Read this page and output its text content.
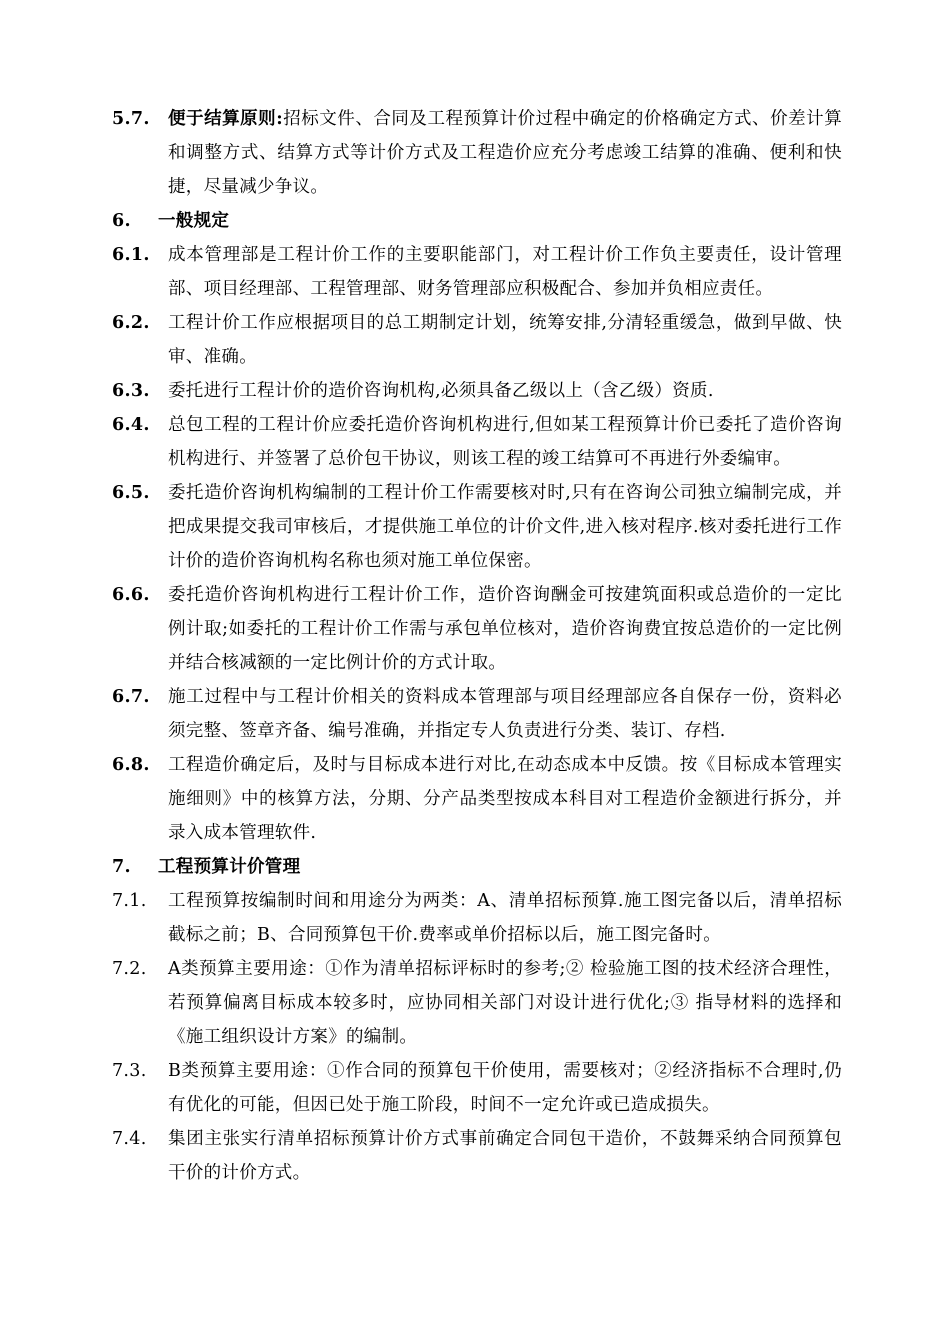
5.7.	便于结算原则:招标文件、合同及工程预算计价过程中确定的价格确定方式、价差计算和调整方式、结算方式等计价方式及工程造价应充分考虑竣工结算的准确、便利和快捷，尽量减少争议。
6.	一般规定
6.1.	成本管理部是工程计价工作的主要职能部门，对工程计价工作负主要责任，设计管理部、项目经理部、工程管理部、财务管理部应积极配合、参加并负相应责任。
6.2.	工程计价工作应根据项目的总工期制定计划，统筹安排,分清轻重缓急，做到早做、快审、准确。
6.3.	委托进行工程计价的造价咨询机构,必须具备乙级以上（含乙级）资质.
6.4.	总包工程的工程计价应委托造价咨询机构进行,但如某工程预算计价已委托了造价咨询机构进行、并签署了总价包干协议，则该工程的竣工结算可不再进行外委编审。
6.5.	委托造价咨询机构编制的工程计价工作需要核对时,只有在咨询公司独立编制完成，并把成果提交我司审核后，才提供施工单位的计价文件,进入核对程序.核对委托进行工作计价的造价咨询机构名称也须对施工单位保密。
6.6.	委托造价咨询机构进行工程计价工作，造价咨询酬金可按建筑面积或总造价的一定比例计取;如委托的工程计价工作需与承包单位核对，造价咨询费宜按总造价的一定比例并结合核减额的一定比例计价的方式计取。
6.7.	施工过程中与工程计价相关的资料成本管理部与项目经理部应各自保存一份，资料必须完整、签章齐备、编号准确，并指定专人负责进行分类、装订、存档.
6.8.	工程造价确定后，及时与目标成本进行对比,在动态成本中反馈。按《目标成本管理实施细则》中的核算方法，分期、分产品类型按成本科目对工程造价金额进行拆分，并录入成本管理软件.
7.	工程预算计价管理
7.1.	工程预算按编制时间和用途分为两类：A、清单招标预算.施工图完备以后，清单招标截标之前；B、合同预算包干价.费率或单价招标以后，施工图完备时。
7.2.	A类预算主要用途：①作为清单招标评标时的参考;② 检验施工图的技术经济合理性，若预算偏离目标成本较多时，应协同相关部门对设计进行优化;③ 指导材料的选择和《施工组织设计方案》的编制。
7.3.	B类预算主要用途：①作合同的预算包干价使用，需要核对；②经济指标不合理时,仍有优化的可能，但因已处于施工阶段，时间不一定允许或已造成损失。
7.4.	集团主张实行清单招标预算计价方式事前确定合同包干造价，不鼓舞采纳合同预算包干价的计价方式。
